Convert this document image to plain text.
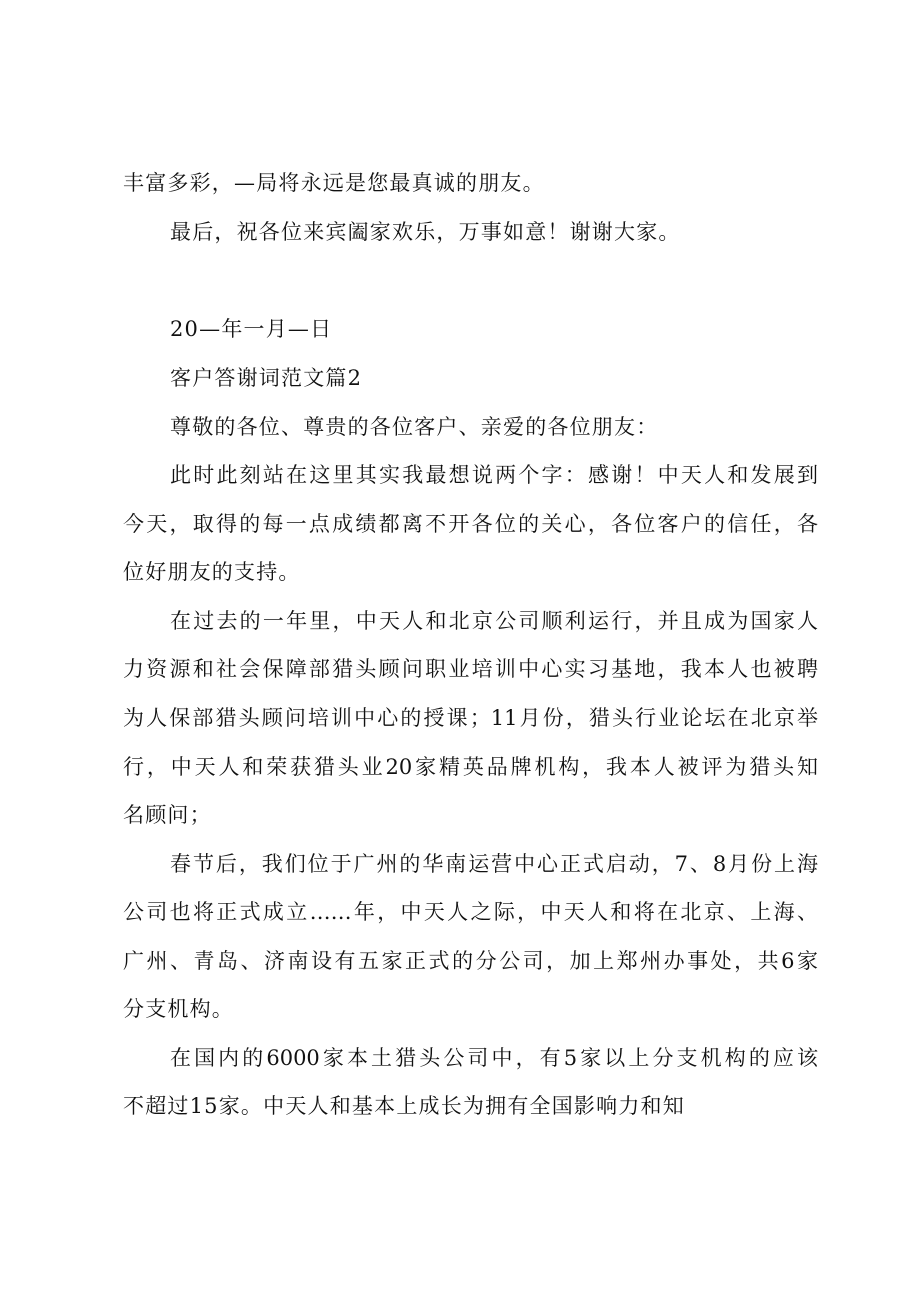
丰富多彩，—局将永远是您最真诚的朋友。
最后，祝各位来宾阖家欢乐，万事如意！谢谢大家。
20—年一月—日
客户答谢词范文篇2
尊敬的各位、尊贵的各位客户、亲爱的各位朋友：
此时此刻站在这里其实我最想说两个字：感谢！中天人和发展到
今天，取得的每一点成绩都离不开各位的关心，各位客户的信任，各
位好朋友的支持。
在过去的一年里，中天人和北京公司顺利运行，并且成为国家人
力资源和社会保障部猎头顾问职业培训中心实习基地，我本人也被聘
为人保部猎头顾问培训中心的授课；11月份，猎头行业论坛在北京举
行，中天人和荣获猎头业20家精英品牌机构，我本人被评为猎头知
名顾问；
春节后，我们位于广州的华南运营中心正式启动，7、8月份上海
公司也将正式成立……年，中天人之际，中天人和将在北京、上海、
广州、青岛、济南设有五家正式的分公司，加上郑州办事处，共6家
分支机构。
在国内的6000家本土猎头公司中，有5家以上分支机构的应该
不超过15家。中天人和基本上成长为拥有全国影响力和知
